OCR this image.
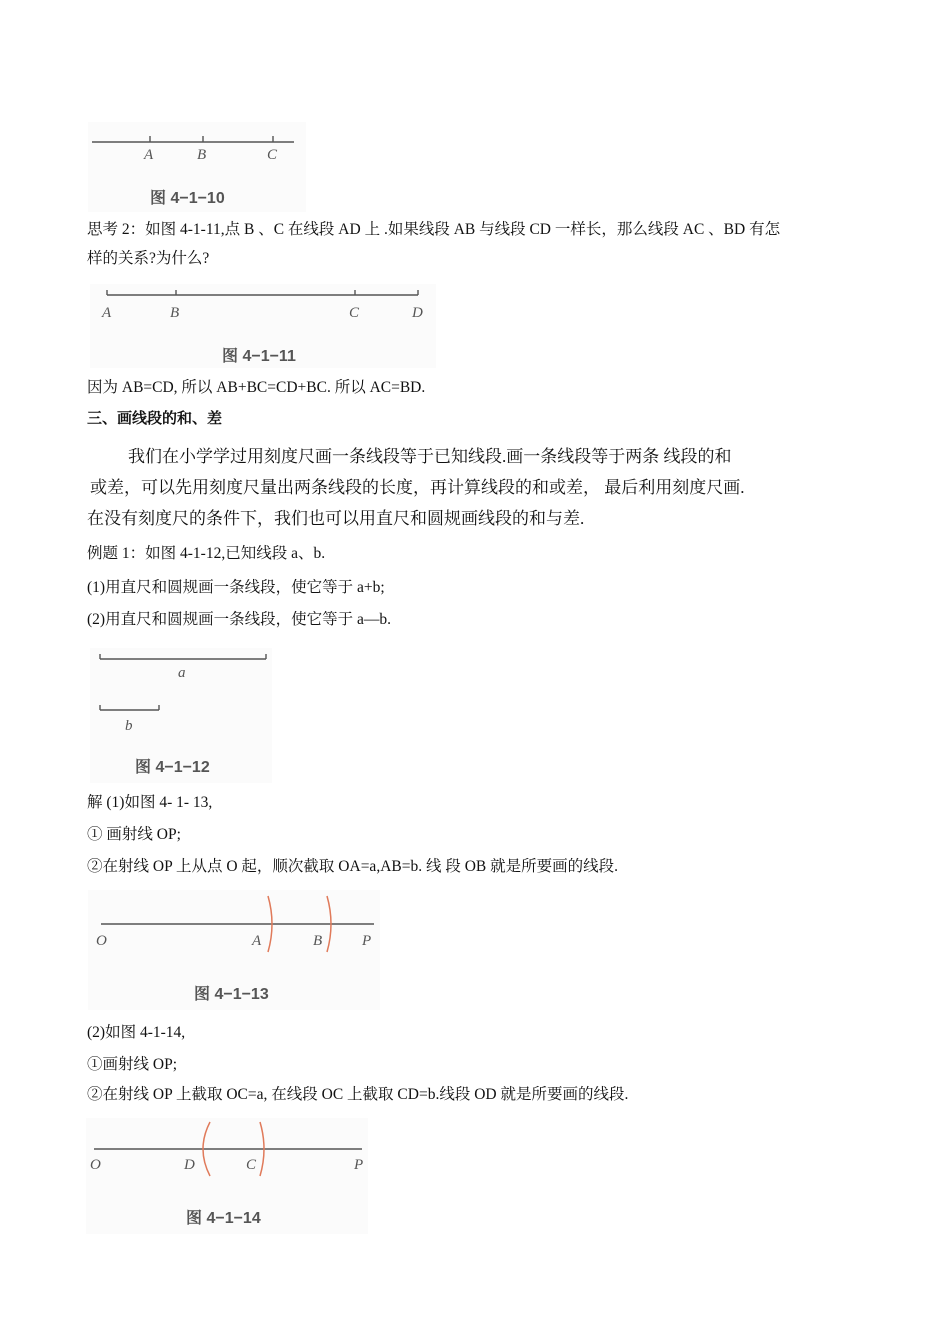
A	B	C
图 4−1−10
思考 2：如图 4-1-11,点 B 、C 在线段 AD 上 .如果线段 AB 与线段 CD 一样长，那么线段 AC 、BD 有怎
样的关系?为什么?
A	B	C	D
图 4−1−11
因为 AB=CD, 所以 AB+BC=CD+BC. 所以 AC=BD.
三、画线段的和、差
我们在小学学过用刻度尺画一条线段等于已知线段.画一条线段等于两条 线段的和
或差，可以先用刻度尺量出两条线段的长度，再计算线段的和或差， 最后利用刻度尺画.
在没有刻度尺的条件下，我们也可以用直尺和圆规画线段的和与差.
例题 1：如图 4-1-12,已知线段 a、b.
(1)用直尺和圆规画一条线段，使它等于 a+b;
(2)用直尺和圆规画一条线段，使它等于 a—b.
a
b
图 4−1−12
解 (1)如图 4- 1- 13,
① 画射线 OP;
②在射线 OP 上从点 O 起，顺次截取 OA=a,AB=b. 线 段 OB 就是所要画的线段.
O	A	B	P
图 4−1−13
(2)如图 4-1-14,
①画射线 OP;
②在射线 OP 上截取 OC=a, 在线段 OC 上截取 CD=b.线段 OD 就是所要画的线段.
O	D	C	P
图 4−1−14
